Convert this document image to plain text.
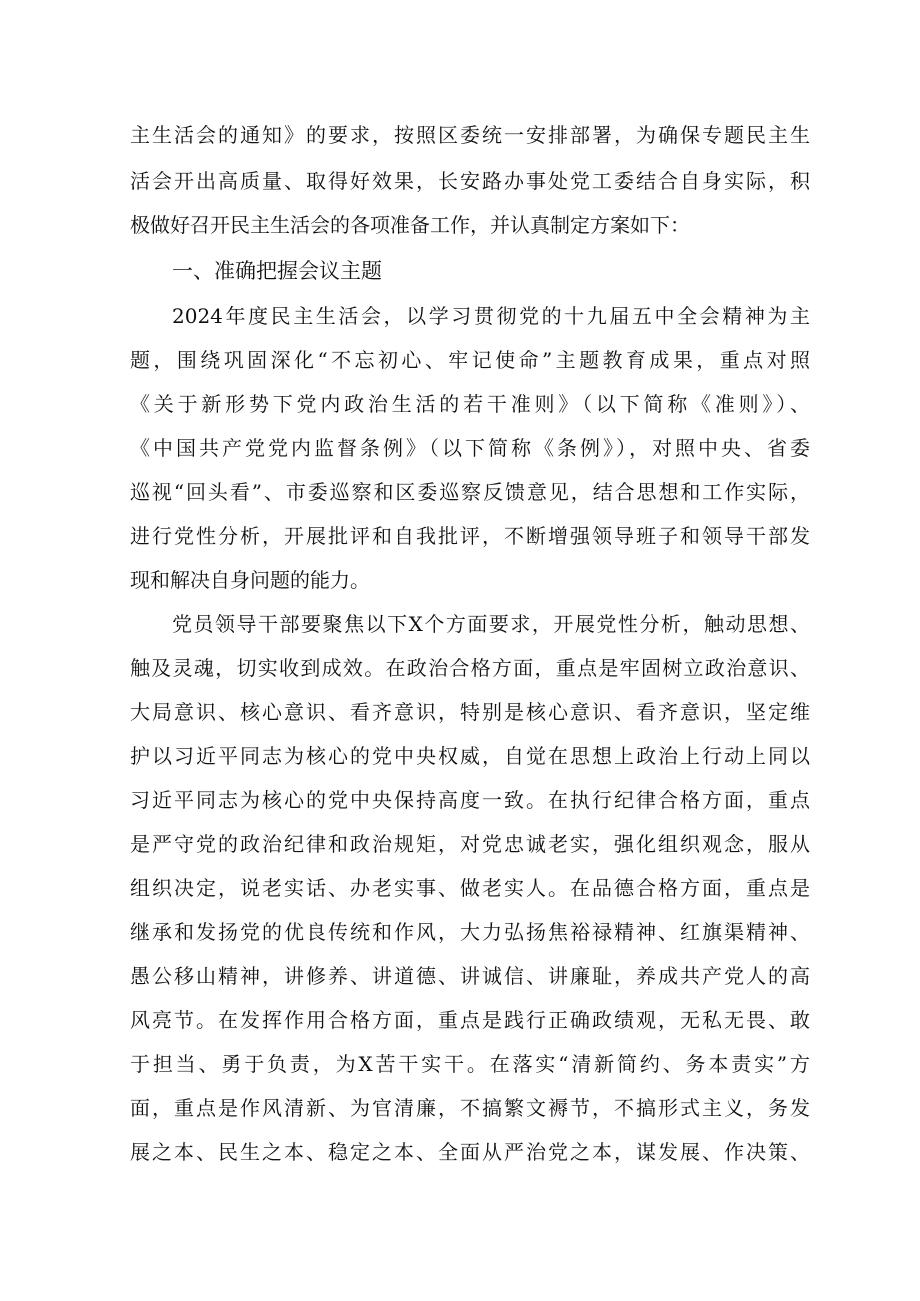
主生活会的通知》的要求，按照区委统一安排部署，为确保专题民主生
活会开出高质量、取得好效果，长安路办事处党工委结合自身实际，积
极做好召开民主生活会的各项准备工作，并认真制定方案如下：
一、准确把握会议主题
2024年度民主生活会，以学习贯彻党的十九届五中全会精神为主
题，围绕巩固深化“不忘初心、牢记使命”主题教育成果，重点对照
《关于新形势下党内政治生活的若干准则》（以下简称《准则》）、
《中国共产党党内监督条例》（以下简称《条例》），对照中央、省委
巡视“回头看”、市委巡察和区委巡察反馈意见，结合思想和工作实际，
进行党性分析，开展批评和自我批评，不断增强领导班子和领导干部发
现和解决自身问题的能力。
党员领导干部要聚焦以下X个方面要求，开展党性分析，触动思想、
触及灵魂，切实收到成效。在政治合格方面，重点是牢固树立政治意识、
大局意识、核心意识、看齐意识，特别是核心意识、看齐意识，坚定维
护以习近平同志为核心的党中央权威，自觉在思想上政治上行动上同以
习近平同志为核心的党中央保持高度一致。在执行纪律合格方面，重点
是严守党的政治纪律和政治规矩，对党忠诚老实，强化组织观念，服从
组织决定，说老实话、办老实事、做老实人。在品德合格方面，重点是
继承和发扬党的优良传统和作风，大力弘扬焦裕禄精神、红旗渠精神、
愚公移山精神，讲修养、讲道德、讲诚信、讲廉耻，养成共产党人的高
风亮节。在发挥作用合格方面，重点是践行正确政绩观，无私无畏、敢
于担当、勇于负责，为X苦干实干。在落实“清新简约、务本责实”方
面，重点是作风清新、为官清廉，不搞繁文褥节，不搞形式主义，务发
展之本、民生之本、稳定之本、全面从严治党之本，谋发展、作决策、
